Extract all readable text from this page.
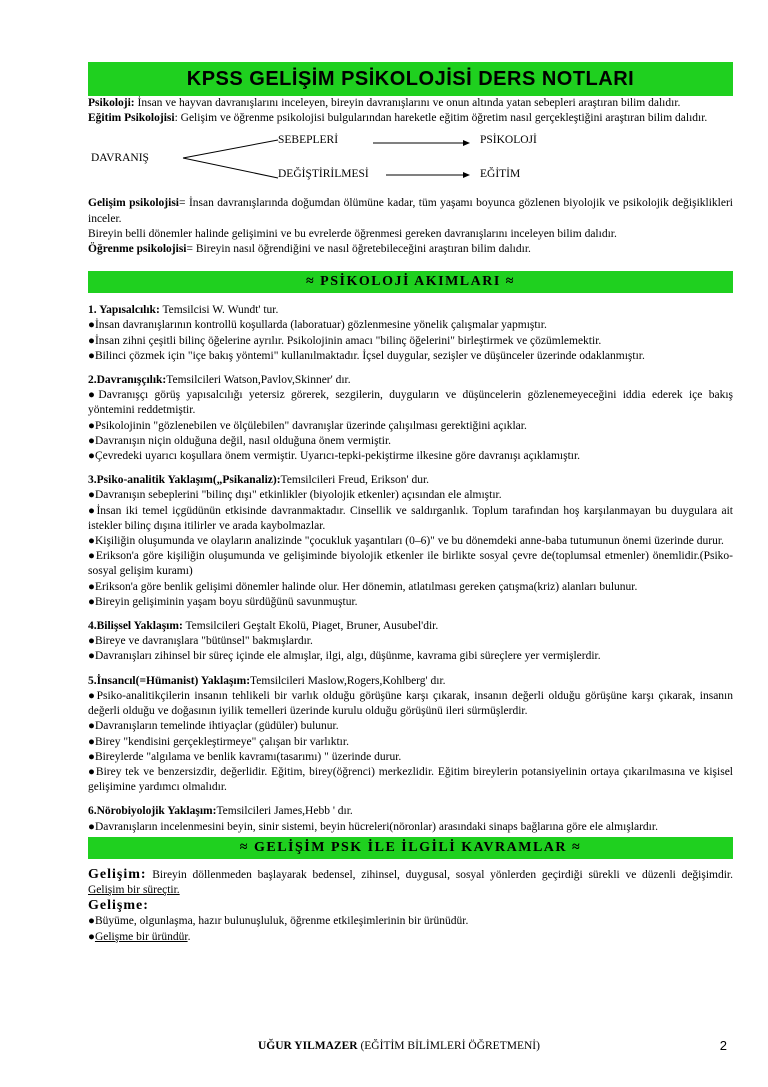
KPSS GELİŞİM PSİKOLOJİSİ DERS NOTLARI

Psikoloji: İnsan ve hayvan davranışlarını inceleyen, bireyin davranışlarını ve onun altında yatan sebepleri araştıran bilim dalıdır.

Eğitim Psikolojisi: Gelişim ve öğrenme psikolojisi bulgularından hareketle eğitim öğretim nasıl gerçekleştiğini araştıran bilim dalıdır.

SEBEPLERİ	PSİKOLOJİ
DAVRANIŞ
DEĞİŞTİRİLMESİ	EĞİTİM

Gelişim psikolojisi= İnsan davranışlarında doğumdan ölümüne kadar, tüm yaşamı boyunca gözlenen biyolojik ve psikolojik değişiklikleri inceler.

Bireyin belli dönemler halinde gelişimini ve bu evrelerde öğrenmesi gereken davranışlarını inceleyen bilim dalıdır.

Öğrenme psikolojisi= Bireyin nasıl öğrendiğini ve nasıl öğretebileceğini araştıran bilim dalıdır.

≈ PSİKOLOJİ AKIMLARI ≈

1. Yapısalcılık: Temsilcisi W. Wundt' tur.

●İnsan davranışlarının kontrollü koşullarda (laboratuar) gözlenmesine yönelik çalışmalar yapmıştır.

●İnsan zihni çeşitli bilinç öğelerine ayrılır. Psikolojinin amacı "bilinç öğelerini" birleştirmek ve çözümlemektir.

●Bilinci çözmek için "içe bakış yöntemi" kullanılmaktadır. İçsel duygular, sezişler ve düşünceler üzerinde odaklanmıştır.

2.Davranışçılık:Temsilcileri Watson,Pavlov,Skinner' dır.

●Davranışçı görüş yapısalcılığı yetersiz görerek, sezgilerin, duyguların ve düşüncelerin gözlenemeyeceğini iddia ederek içe bakış yöntemini reddetmiştir.

●Psikolojinin "gözlenebilen ve ölçülebilen" davranışlar üzerinde çalışılması gerektiğini açıklar.

●Davranışın niçin olduğuna değil, nasıl olduğuna önem vermiştir.

●Çevredeki uyarıcı koşullara önem vermiştir. Uyarıcı-tepki-pekiştirme ilkesine göre davranışı açıklamıştır.

3.Psiko-analitik Yaklaşım(„Psikanaliz):Temsilcileri Freud, Erikson' dur.

●Davranışın sebeplerini "bilinç dışı" etkinlikler (biyolojik etkenler) açısından ele almıştır.

●İnsan iki temel içgüdünün etkisinde davranmaktadır. Cinsellik ve saldırganlık. Toplum tarafından hoş karşılanmayan bu duygulara ait istekler bilinç dışına itilirler ve arada kaybolmazlar.

●Kişiliğin oluşumunda ve olayların analizinde "çocukluk yaşantıları (0–6)" ve bu dönemdeki anne-baba tutumunun önemi üzerinde durur.

●Erikson'a göre kişiliğin oluşumunda ve gelişiminde biyolojik etkenler ile birlikte sosyal çevre de(toplumsal etmenler) önemlidir.(Psiko-sosyal gelişim kuramı)

●Erikson'a göre benlik gelişimi dönemler halinde olur. Her dönemin, atlatılması gereken çatışma(kriz) alanları bulunur.

●Bireyin gelişiminin yaşam boyu sürdüğünü savunmuştur.

4.Bilişsel Yaklaşım: Temsilcileri Geştalt Ekolü, Piaget, Bruner, Ausubel'dir.

●Bireye ve davranışlara "bütünsel" bakmışlardır.

●Davranışları zihinsel bir süreç içinde ele almışlar, ilgi, algı, düşünme, kavrama gibi süreçlere yer vermişlerdir.

5.İnsancıl(=Hümanist) Yaklaşım:Temsilcileri Maslow,Rogers,Kohlberg' dır.

●Psiko-analitikçilerin insanın tehlikeli bir varlık olduğu görüşüne karşı çıkarak, insanın değerli olduğu görüşüne karşı çıkarak, insanın değerli olduğu ve doğasının iyilik temelleri üzerinde kurulu olduğu görüşünü ileri sürmüşlerdir.

●Davranışların temelinde ihtiyaçlar (güdüler) bulunur.

●Birey "kendisini gerçekleştirmeye" çalışan bir varlıktır.

●Bireylerde "algılama ve benlik kavramı(tasarımı) " üzerinde durur.

●Birey tek ve benzersizdir, değerlidir. Eğitim, birey(öğrenci) merkezlidir. Eğitim bireylerin potansiyelinin ortaya çıkarılmasına ve kişisel gelişimine yardımcı olmalıdır.

6.Nörobiyolojik Yaklaşım:Temsilcileri James,Hebb ' dır.

●Davranışların incelenmesini beyin, sinir sistemi, beyin hücreleri(nöronlar) arasındaki sinaps bağlarına göre ele almışlardır.

≈ GELİŞİM PSK İLE İLGİLİ KAVRAMLAR ≈

Gelişim: Bireyin döllenmeden başlayarak bedensel, zihinsel, duygusal, sosyal yönlerden geçirdiği sürekli ve düzenli değişimdir. Gelişim bir süreçtir.

Gelişme:

●Büyüme, olgunlaşma, hazır bulunuşluluk, öğrenme etkileşimlerinin bir ürünüdür.

●Gelişme bir üründür.

UĞUR YILMAZER (EĞİTİM BİLİMLERİ ÖĞRETMENİ)	2
